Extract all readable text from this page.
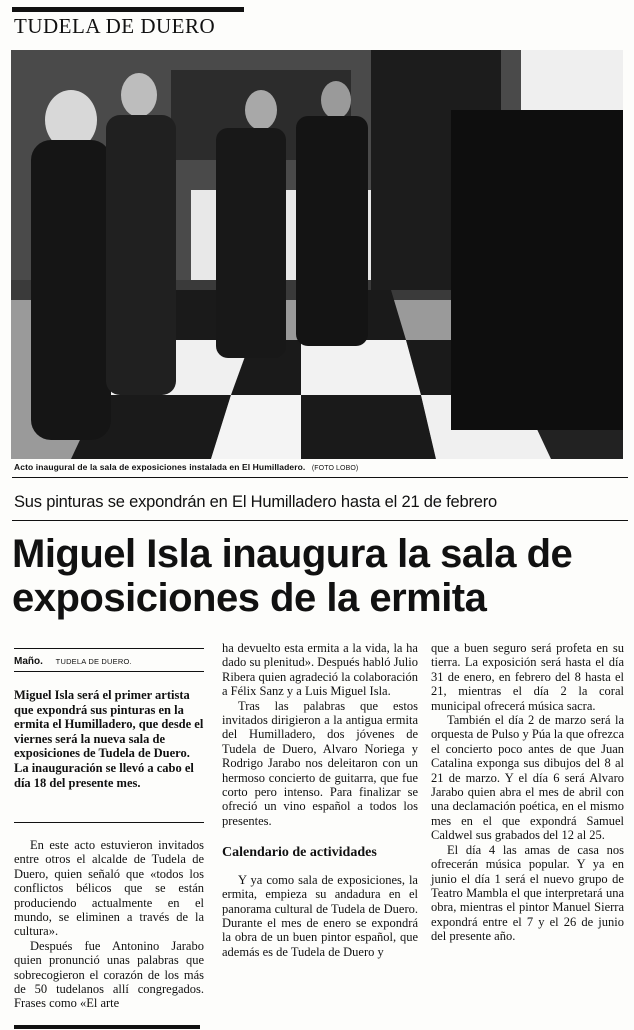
TUDELA DE DUERO
Acto inaugural de la sala de exposiciones instalada en El Humilladero. (FOTO LOBO)
Sus pinturas se expondrán en El Humilladero hasta el 21 de febrero
Miguel Isla inaugura la sala de exposiciones de la ermita
Maño. TUDELA DE DUERO.
Miguel Isla será el primer artista que expondrá sus pinturas en la ermita el Humilladero, que desde el viernes será la nueva sala de exposiciones de Tudela de Duero. La inauguración se llevó a cabo el día 18 del presente mes.

En este acto estuvieron invitados entre otros el alcalde de Tudela de Duero, quien señaló que «todos los conflictos bélicos que se están produciendo actualmente en el mundo, se eliminen a través de la cultura».

Después fue Antonino Jarabo quien pronunció unas palabras que sobrecogieron el corazón de los más de 50 tudelanos allí congregados. Frases como «El arte

ha devuelto esta ermita a la vida, la ha dado su plenitud». Después habló Julio Ribera quien agradeció la colaboración a Félix Sanz y a Luis Miguel Isla.

Tras las palabras que estos invitados dirigieron a la antigua ermita del Humilladero, dos jóvenes de Tudela de Duero, Alvaro Noriega y Rodrigo Jarabo nos deleitaron con un hermoso concierto de guitarra, que fue corto pero intenso. Para finalizar se ofreció un vino español a todos los presentes.

Calendario de actividades

Y ya como sala de exposiciones, la ermita, empieza su andadura en el panorama cultural de Tudela de Duero. Durante el mes de enero se expondrá la obra de un buen pintor español, que además es de Tudela de Duero y

que a buen seguro será profeta en su tierra. La exposición será hasta el día 31 de enero, en febrero del 8 hasta el 21, mientras el día 2 la coral municipal ofrecerá música sacra.

También el día 2 de marzo será la orquesta de Pulso y Púa la que ofrezca el concierto poco antes de que Juan Catalina exponga sus dibujos del 8 al 21 de marzo. Y el día 6 será Alvaro Jarabo quien abra el mes de abril con una declamación poética, en el mismo mes en el que expondrá Samuel Caldwel sus grabados del 12 al 25.

El día 4 las amas de casa nos ofrecerán música popular. Y ya en junio el día 1 será el nuevo grupo de Teatro Mambla el que interpretará una obra, mientras el pintor Manuel Sierra expondrá entre el 7 y el 26 de junio del presente año.
